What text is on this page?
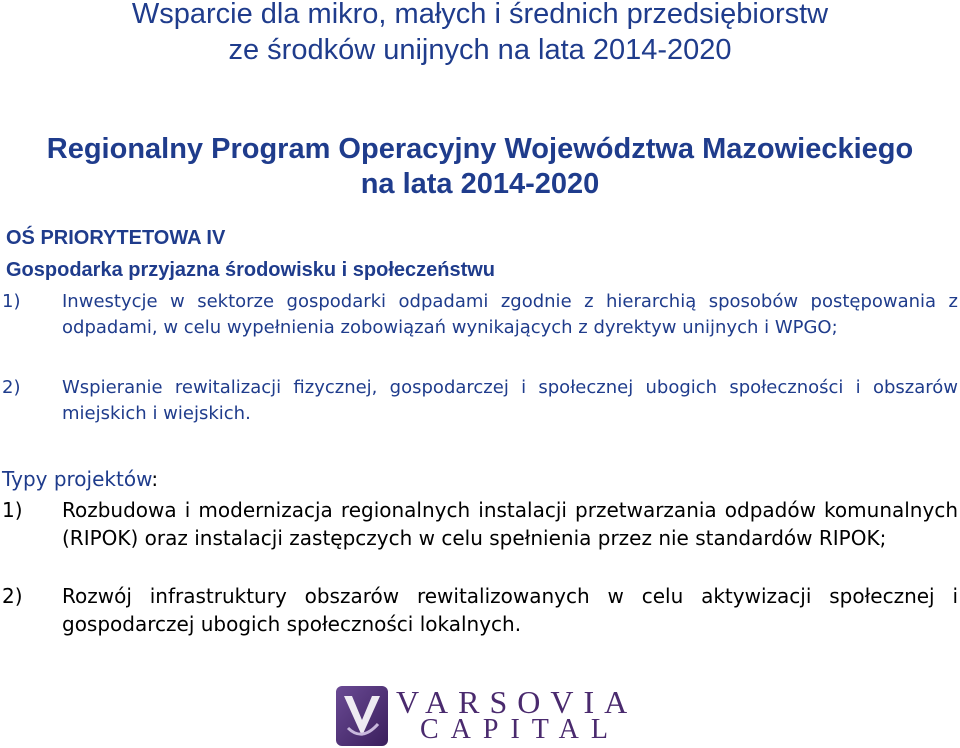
Wsparcie dla mikro, małych i średnich przedsiębiorstw
ze środków unijnych na lata 2014-2020
Regionalny Program Operacyjny Województwa Mazowieckiego
na lata 2014-2020
OŚ PRIORYTETOWA IV
Gospodarka przyjazna środowisku i społeczeństwu
1) Inwestycje w sektorze gospodarki odpadami zgodnie z hierarchią sposobów postępowania z odpadami, w celu wypełnienia zobowiązań wynikających z dyrektyw unijnych i WPGO;
2) Wspieranie rewitalizacji fizycznej, gospodarczej i społecznej ubogich społeczności i obszarów miejskich i wiejskich.
Typy projektów:
1) Rozbudowa i modernizacja regionalnych instalacji przetwarzania odpadów komunalnych (RIPOK) oraz instalacji zastępczych w celu spełnienia przez nie standardów RIPOK;
2) Rozwój infrastruktury obszarów rewitalizowanych w celu aktywizacji społecznej i gospodarczej ubogich społeczności lokalnych.
VARSOVIA
CAPITAL
